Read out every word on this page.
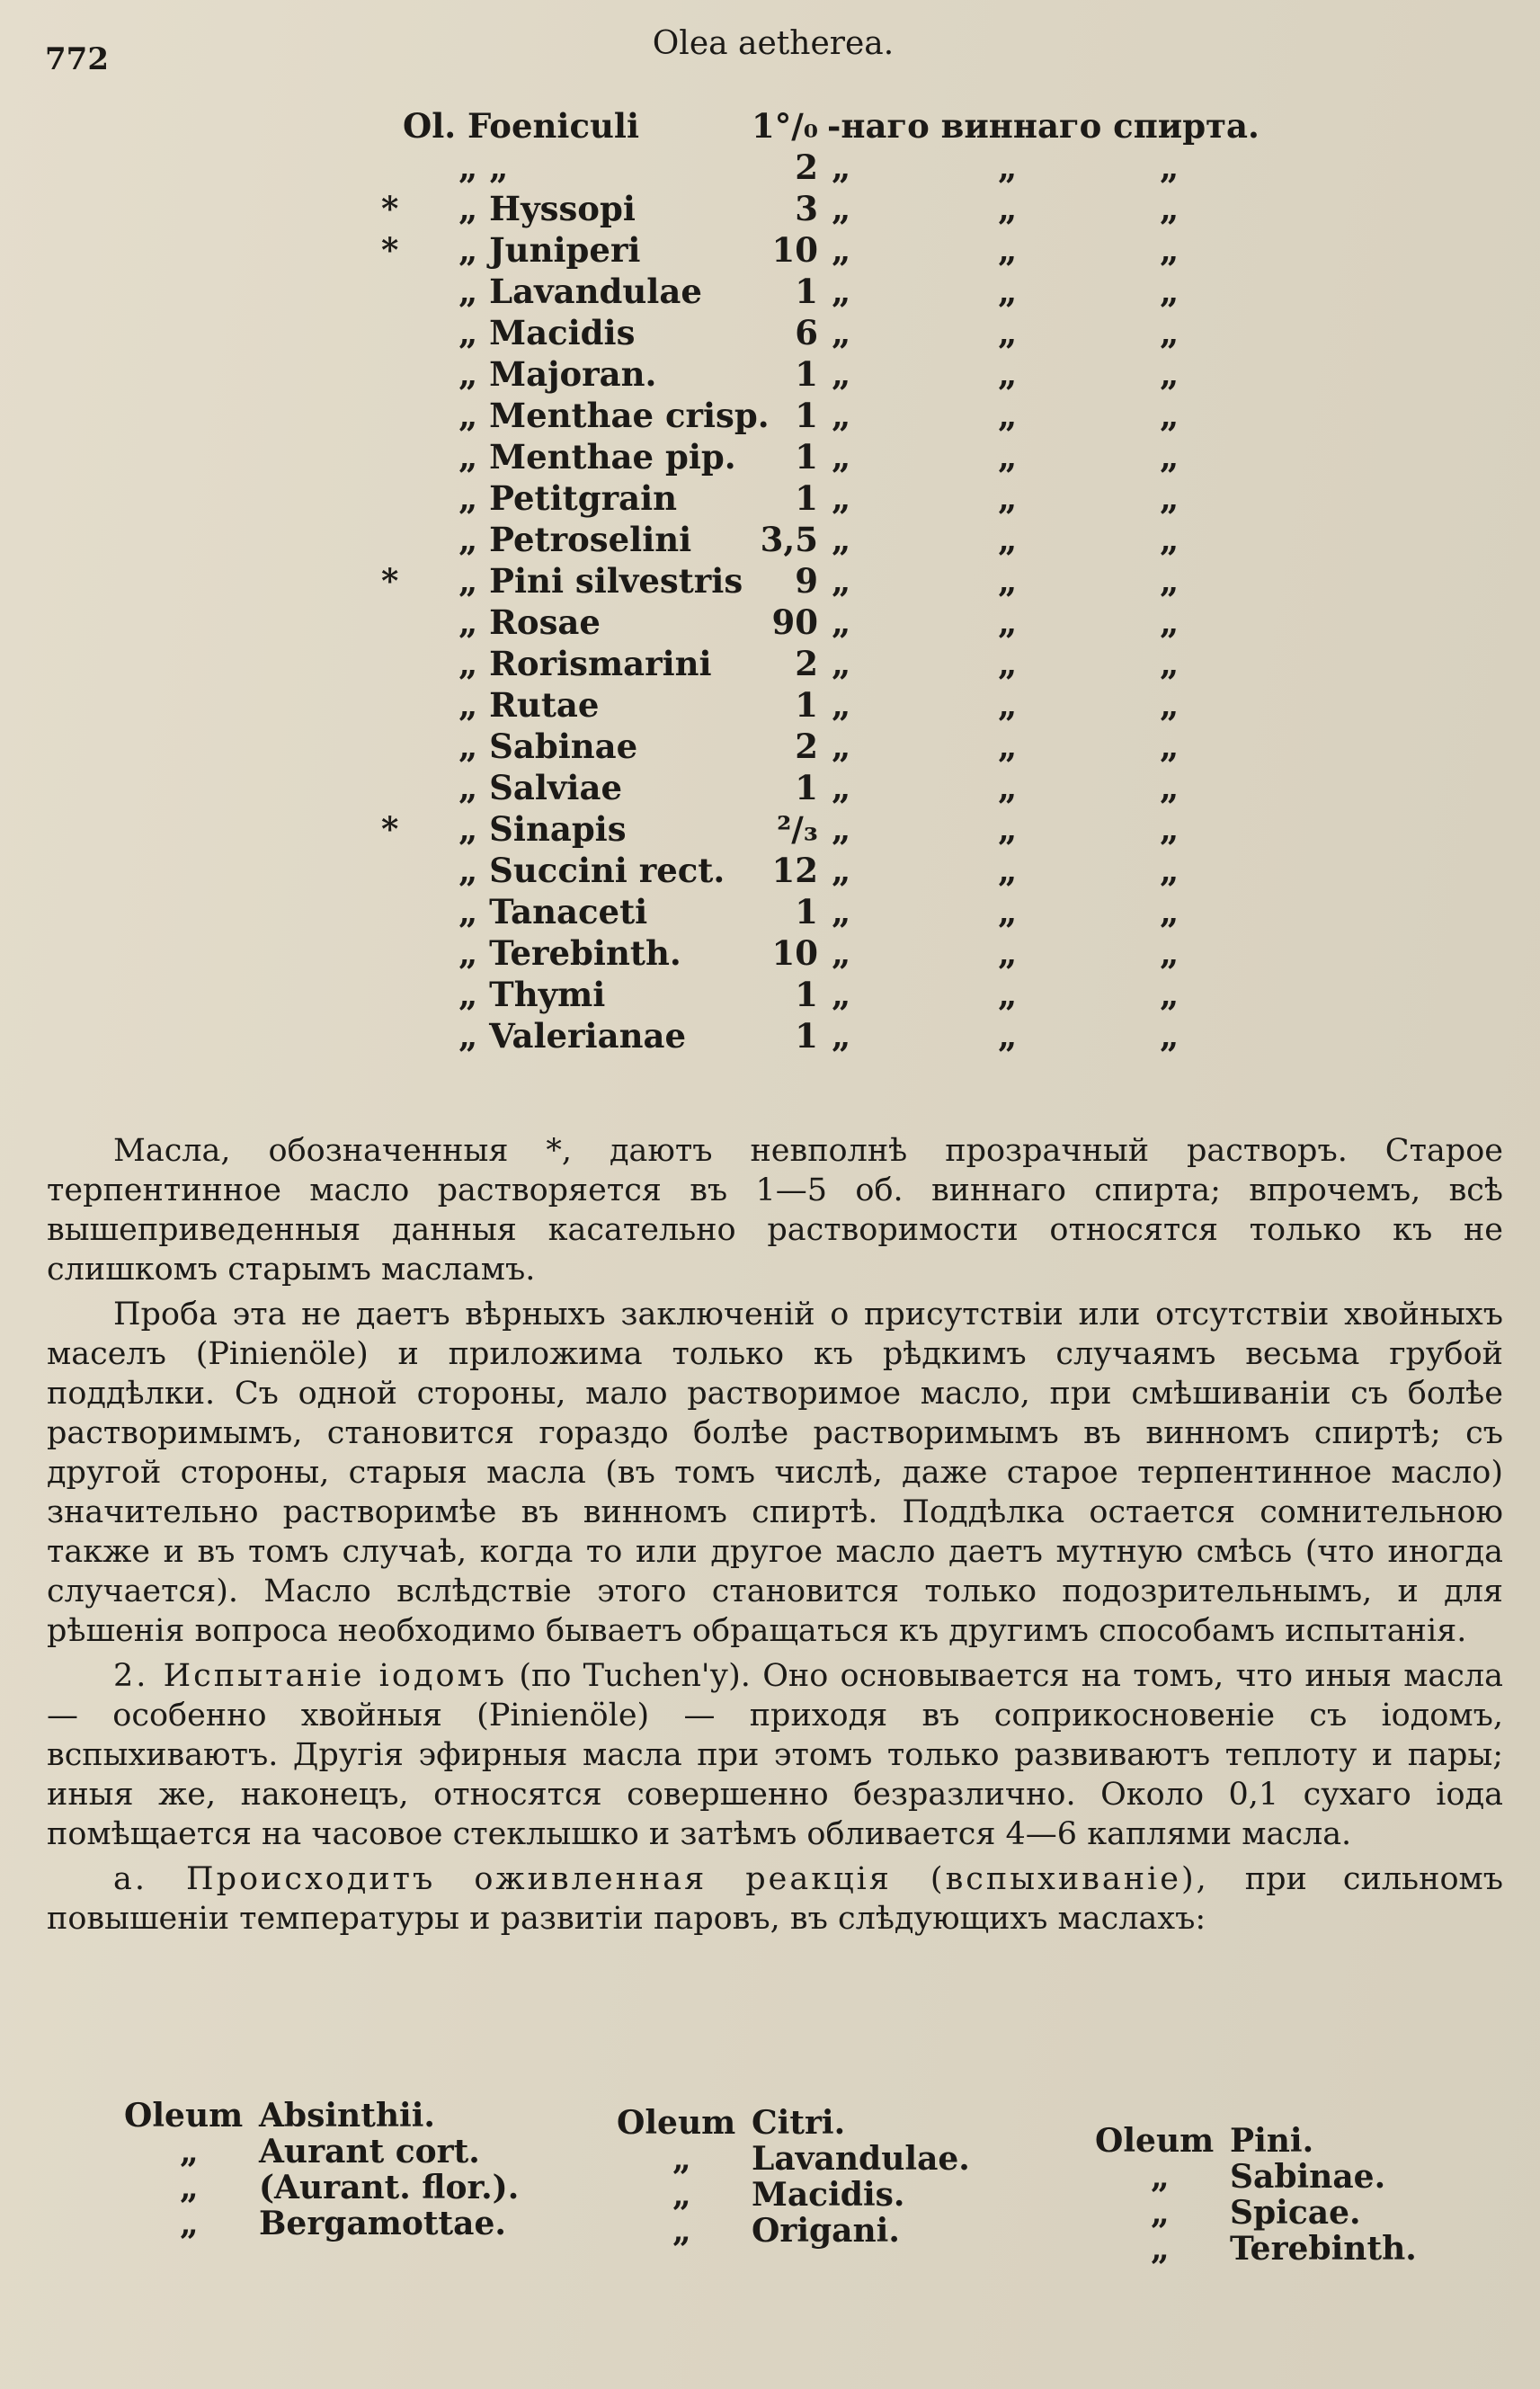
772	Olea aetherea.
Ol. Foeniculi	1°/₀ -наго виннаго спирта.
„ „	2 „	„	„
* „ Hyssopi	3 „	„	„
* „ Juniperi	10 „	„	„
„ Lavandulae	1 „	„	„
„ Macidis	6 „	„	„
„ Majoran.	1 „	„	„
„ Menthae crisp. 1 „	„	„
„ Menthae pip.	1 „	„	„
„ Petitgrain	1 „	„	„
„ Petroselini	3,5 „	„	„
* „ Pini silvestris	9 „	„	„
„ Rosae	90 „	„	„
„ Rorismarini	2 „	„	„
„ Rutae	1 „	„	„
„ Sabinae	2 „	„	„
„ Salviae	1 „	„	„
* „ Sinapis	²/₃ „	„	„
„ Succini rect.	12 „	„	„
„ Tanaceti	1 „	„	„
„ Terebinth.	10 „	„	„
„ Thymi	1 „	„	„
„ Valerianae	1 „	„	„

Масла, обозначенныя *, даютъ невполнѣ прозрачный растворъ. Старое терпентинное масло растворяется въ 1—5 об. виннаго спирта; впрочемъ, всѣ вышеприведенныя данныя касательно растворимости относятся только къ не слишкомъ старымъ масламъ.

Проба эта не даетъ вѣрныхъ заключеній о присутствіи или отсутствіи хвойныхъ маселъ (Pinienöle) и приложима только къ рѣдкимъ случаямъ весьма грубой поддѣлки. Съ одной стороны, мало растворимое масло, при смѣшиваніи съ болѣе растворимымъ, становится гораздо болѣе растворимымъ въ винномъ спиртѣ; съ другой стороны, старыя масла (въ томъ числѣ, даже старое терпентинное масло) значительно растворимѣе въ винномъ спиртѣ. Поддѣлка остается сомнительною также и въ томъ случаѣ, когда то или другое масло даетъ мутную смѣсь (что иногда случается). Масло вслѣдствіе этого становится только подозрительнымъ, и для рѣшенія вопроса необходимо бываетъ обращаться къ другимъ способамъ испытанія.

2. Испытаніе іодомъ (по Tuchen'у). Оно основывается на томъ, что иныя масла — особенно хвойныя (Pinienöle) — приходя въ соприкосновеніе съ іодомъ, вспыхиваютъ. Другія эфирныя масла при этомъ только развиваютъ теплоту и пары; иныя же, наконецъ, относятся совершенно безразлично. Около 0,1 сухаго іода помѣщается на часовое стеклышко и затѣмъ обливается 4—6 каплями масла.

a. Происходитъ оживленная реакція (вспыхиваніе), при сильномъ повышеніи температуры и развитіи паровъ, въ слѣдующихъ маслахъ:

Oleum Absinthii.
„ Aurant cort.
„ (Aurant. flor.).
„ Bergamottae.
Oleum Citri.
„ Lavandulae.
„ Macidis.
„ Origani.
Oleum Pini.
„ Sabinae.
„ Spicae.
„ Terebinth.
